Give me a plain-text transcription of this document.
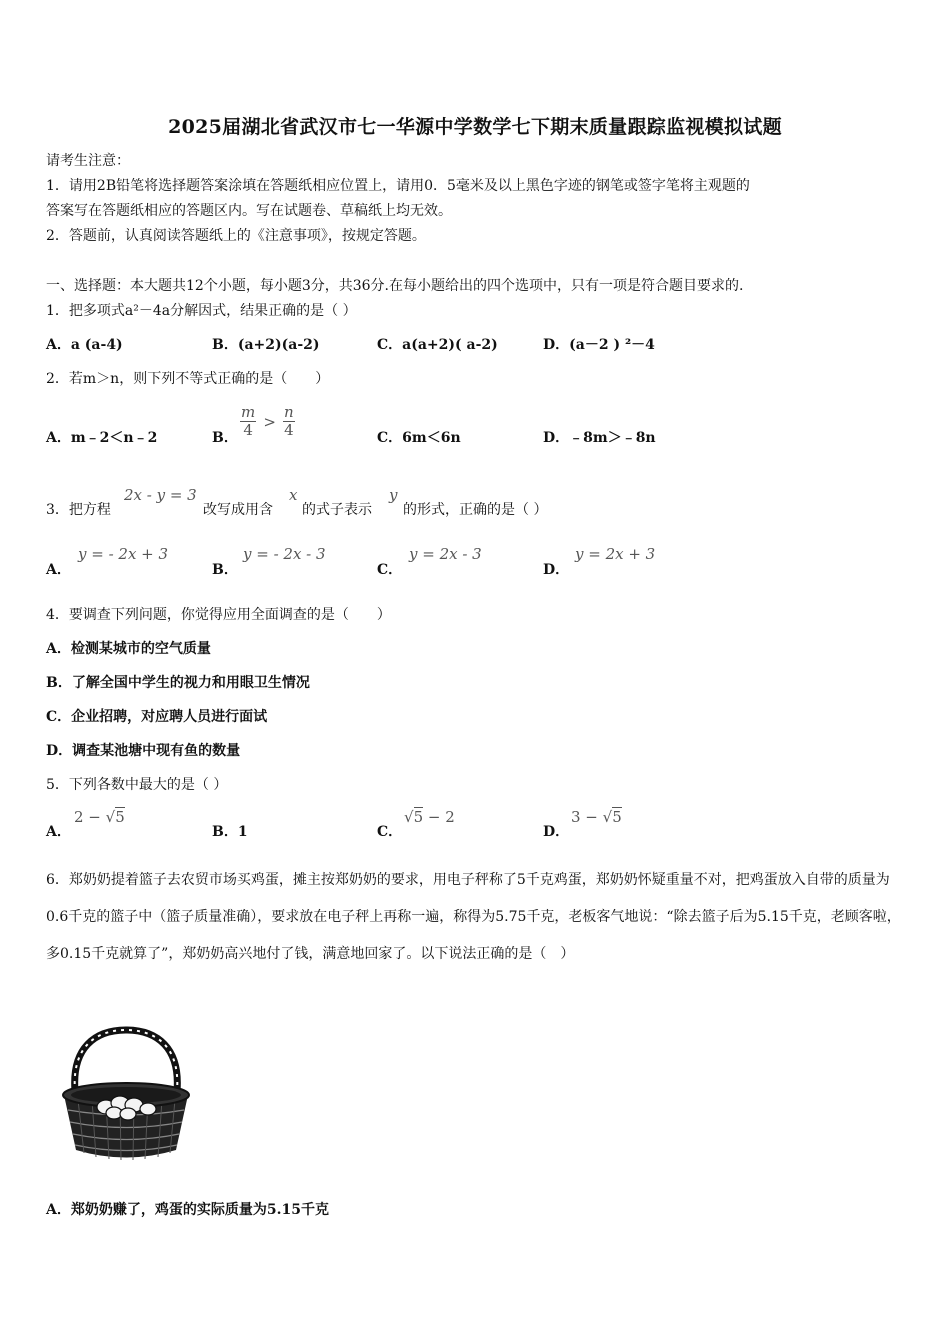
2025届湖北省武汉市七一华源中学数学七下期末质量跟踪监视模拟试题
请考生注意：
1．请用2B铅笔将选择题答案涂填在答题纸相应位置上，请用0．5毫米及以上黑色字迹的钢笔或签字笔将主观题的
答案写在答题纸相应的答题区内。写在试题卷、草稿纸上均无效。
2．答题前，认真阅读答题纸上的《注意事项》，按规定答题。
一、选择题：本大题共12个小题，每小题3分，共36分.在每小题给出的四个选项中，只有一项是符合题目要求的.
1．把多项式a²－4a分解因式，结果正确的是（ ）
A．a (a-4)	B．(a+2)(a-2)	C．a(a+2)( a-2)	D．(a－2 ) ²－4
2．若m＞n，则下列不等式正确的是（　　）
A．m﹣2＜n﹣2	B． $\frac{m}{4} > \frac{n}{4}$	C．6m＜6n	D．﹣8m＞﹣8n
3．把方程
2x - y = 3
改写成用含
x
的式子表示
y
的形式，正确的是（ ）
A．
y = - 2x + 3
B．
y = - 2x - 3
C．
y = 2x - 3
D．
y = 2x + 3
4．要调查下列问题，你觉得应用全面调查的是（　　）
A．检测某城市的空气质量
B．了解全国中学生的视力和用眼卫生情况
C．企业招聘，对应聘人员进行面试
D．调查某池塘中现有鱼的数量
5．下列各数中最大的是（ ）
A．
2 − √5
B．1	C．
√5 − 2
D．
3 − √5
6．郑奶奶提着篮子去农贸市场买鸡蛋，摊主按郑奶奶的要求，用电子秤称了5千克鸡蛋，郑奶奶怀疑重量不对，把鸡蛋放入自带的质量为0.6千克的篮子中（篮子质量准确），要求放在电子秤上再称一遍，称得为5.75千克，老板客气地说：“除去篮子后为5.15千克，老顾客啦，多0.15千克就算了”，郑奶奶高兴地付了钱，满意地回家了。以下说法正确的是（　）
A．郑奶奶赚了，鸡蛋的实际质量为5.15千克
